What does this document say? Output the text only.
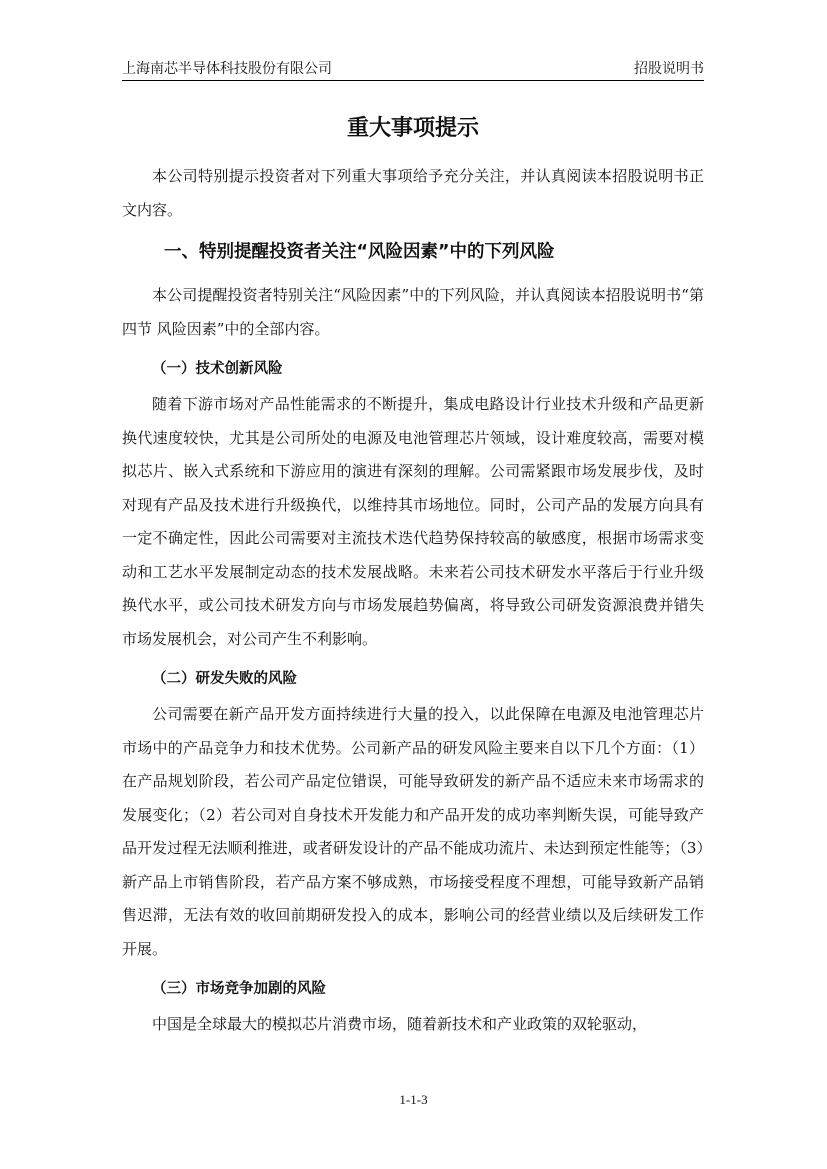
上海南芯半导体科技股份有限公司	招股说明书
重大事项提示

本公司特别提示投资者对下列重大事项给予充分关注，并认真阅读本招股说明书正文内容。

一、特别提醒投资者关注“风险因素”中的下列风险

本公司提醒投资者特别关注“风险因素”中的下列风险，并认真阅读本招股说明书“第四节 风险因素”中的全部内容。

（一）技术创新风险

随着下游市场对产品性能需求的不断提升，集成电路设计行业技术升级和产品更新换代速度较快，尤其是公司所处的电源及电池管理芯片领域，设计难度较高，需要对模拟芯片、嵌入式系统和下游应用的演进有深刻的理解。公司需紧跟市场发展步伐，及时对现有产品及技术进行升级换代，以维持其市场地位。同时，公司产品的发展方向具有一定不确定性，因此公司需要对主流技术迭代趋势保持较高的敏感度，根据市场需求变动和工艺水平发展制定动态的技术发展战略。未来若公司技术研发水平落后于行业升级换代水平，或公司技术研发方向与市场发展趋势偏离，将导致公司研发资源浪费并错失市场发展机会，对公司产生不利影响。

（二）研发失败的风险

公司需要在新产品开发方面持续进行大量的投入，以此保障在电源及电池管理芯片市场中的产品竞争力和技术优势。公司新产品的研发风险主要来自以下几个方面：（1）在产品规划阶段，若公司产品定位错误，可能导致研发的新产品不适应未来市场需求的发展变化；（2）若公司对自身技术开发能力和产品开发的成功率判断失误，可能导致产品开发过程无法顺利推进，或者研发设计的产品不能成功流片、未达到预定性能等；（3）新产品上市销售阶段，若产品方案不够成熟，市场接受程度不理想，可能导致新产品销售迟滞，无法有效的收回前期研发投入的成本，影响公司的经营业绩以及后续研发工作开展。

（三）市场竞争加剧的风险

中国是全球最大的模拟芯片消费市场，随着新技术和产业政策的双轮驱动，

1-1-3
